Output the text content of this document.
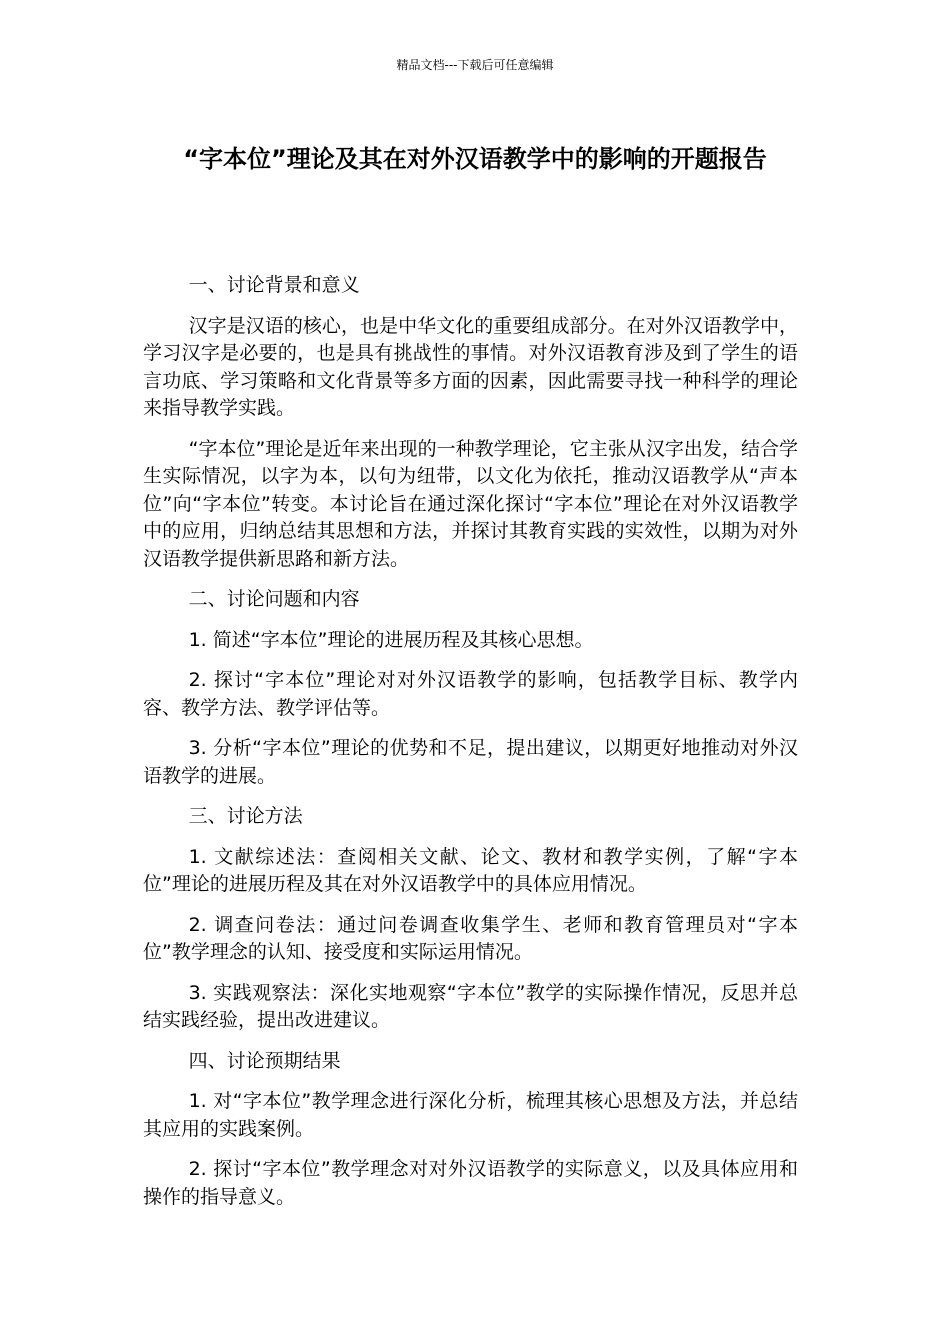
精品文档---下载后可任意编辑
“字本位”理论及其在对外汉语教学中的影响的开题报告

一、讨论背景和意义

汉字是汉语的核心，也是中华文化的重要组成部分。在对外汉语教学中，学习汉字是必要的，也是具有挑战性的事情。对外汉语教育涉及到了学生的语言功底、学习策略和文化背景等多方面的因素，因此需要寻找一种科学的理论来指导教学实践。

“字本位”理论是近年来出现的一种教学理论，它主张从汉字出发，结合学生实际情况，以字为本，以句为纽带，以文化为依托，推动汉语教学从“声本位”向“字本位”转变。本讨论旨在通过深化探讨“字本位”理论在对外汉语教学中的应用，归纳总结其思想和方法，并探讨其教育实践的实效性，以期为对外汉语教学提供新思路和新方法。

二、讨论问题和内容

1. 简述“字本位”理论的进展历程及其核心思想。

2. 探讨“字本位”理论对对外汉语教学的影响，包括教学目标、教学内容、教学方法、教学评估等。

3. 分析“字本位”理论的优势和不足，提出建议，以期更好地推动对外汉语教学的进展。

三、讨论方法

1. 文献综述法：查阅相关文献、论文、教材和教学实例，了解“字本位”理论的进展历程及其在对外汉语教学中的具体应用情况。

2. 调查问卷法：通过问卷调查收集学生、老师和教育管理员对“字本位”教学理念的认知、接受度和实际运用情况。

3. 实践观察法：深化实地观察“字本位”教学的实际操作情况，反思并总结实践经验，提出改进建议。

四、讨论预期结果

1. 对“字本位”教学理念进行深化分析，梳理其核心思想及方法，并总结其应用的实践案例。

2. 探讨“字本位”教学理念对对外汉语教学的实际意义，以及具体应用和操作的指导意义。
